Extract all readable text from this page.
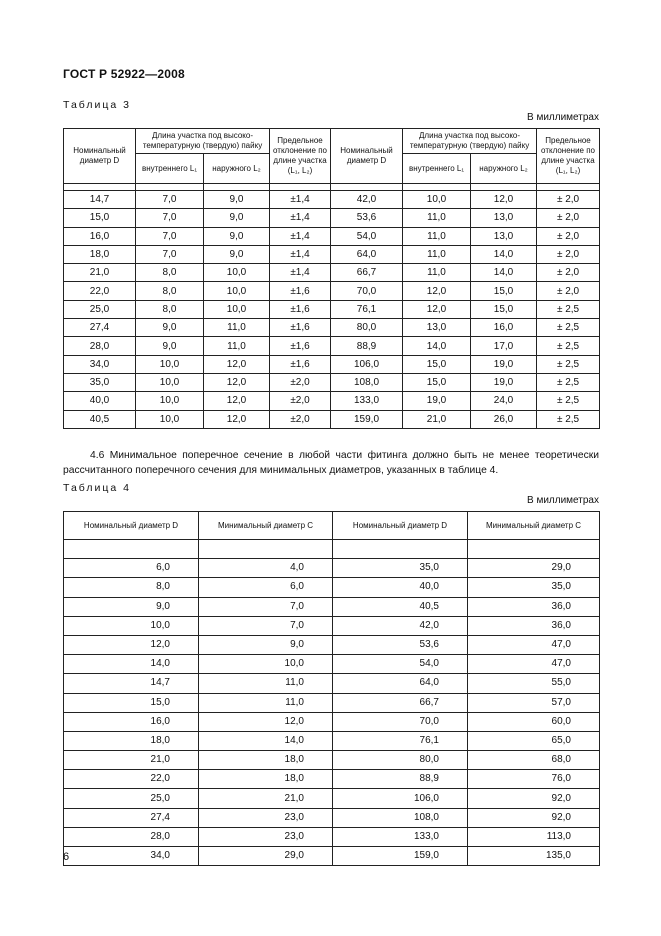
ГОСТ Р 52922—2008
Таблица 3
В миллиметрах
Номинальный диаметр D	Длина участка под высоко-температурную (твердую) пайку		Предельное отклонение по длине участка (L₁, L₂)	Номинальный диаметр D	Длина участка под высоко-температурную (твердую) пайку		Предельное отклонение по длине участка (L₁, L₂)
	внутреннего L₁	наружного L₂			внутреннего L₁	наружного L₂	

14,7	7,0	9,0	±1,4	42,0	10,0	12,0	± 2,0
15,0	7,0	9,0	±1,4	53,6	11,0	13,0	± 2,0
16,0	7,0	9,0	±1,4	54,0	11,0	13,0	± 2,0
18,0	7,0	9,0	±1,4	64,0	11,0	14,0	± 2,0
21,0	8,0	10,0	±1,4	66,7	11,0	14,0	± 2,0
22,0	8,0	10,0	±1,6	70,0	12,0	15,0	± 2,0
25,0	8,0	10,0	±1,6	76,1	12,0	15,0	± 2,5
27,4	9,0	11,0	±1,6	80,0	13,0	16,0	± 2,5
28,0	9,0	11,0	±1,6	88,9	14,0	17,0	± 2,5
34,0	10,0	12,0	±1,6	106,0	15,0	19,0	± 2,5
35,0	10,0	12,0	±2,0	108,0	15,0	19,0	± 2,5
40,0	10,0	12,0	±2,0	133,0	19,0	24,0	± 2,5
40,5	10,0	12,0	±2,0	159,0	21,0	26,0	± 2,5
4.6 Минимальное поперечное сечение в любой части фитинга должно быть не менее теоретически рассчитанного поперечного сечения для минимальных диаметров, указанных в таблице 4.
Таблица 4
В миллиметрах
Номинальный диаметр D	Минимальный диаметр C	Номинальный диаметр D	Минимальный диаметр C

6,0	4,0	35,0	29,0
8,0	6,0	40,0	35,0
9,0	7,0	40,5	36,0
10,0	7,0	42,0	36,0
12,0	9,0	53,6	47,0
14,0	10,0	54,0	47,0
14,7	11,0	64,0	55,0
15,0	11,0	66,7	57,0
16,0	12,0	70,0	60,0
18,0	14,0	76,1	65,0
21,0	18,0	80,0	68,0
22,0	18,0	88,9	76,0
25,0	21,0	106,0	92,0
27,4	23,0	108,0	92,0
28,0	23,0	133,0	113,0
34,0	29,0	159,0	135,0
6
